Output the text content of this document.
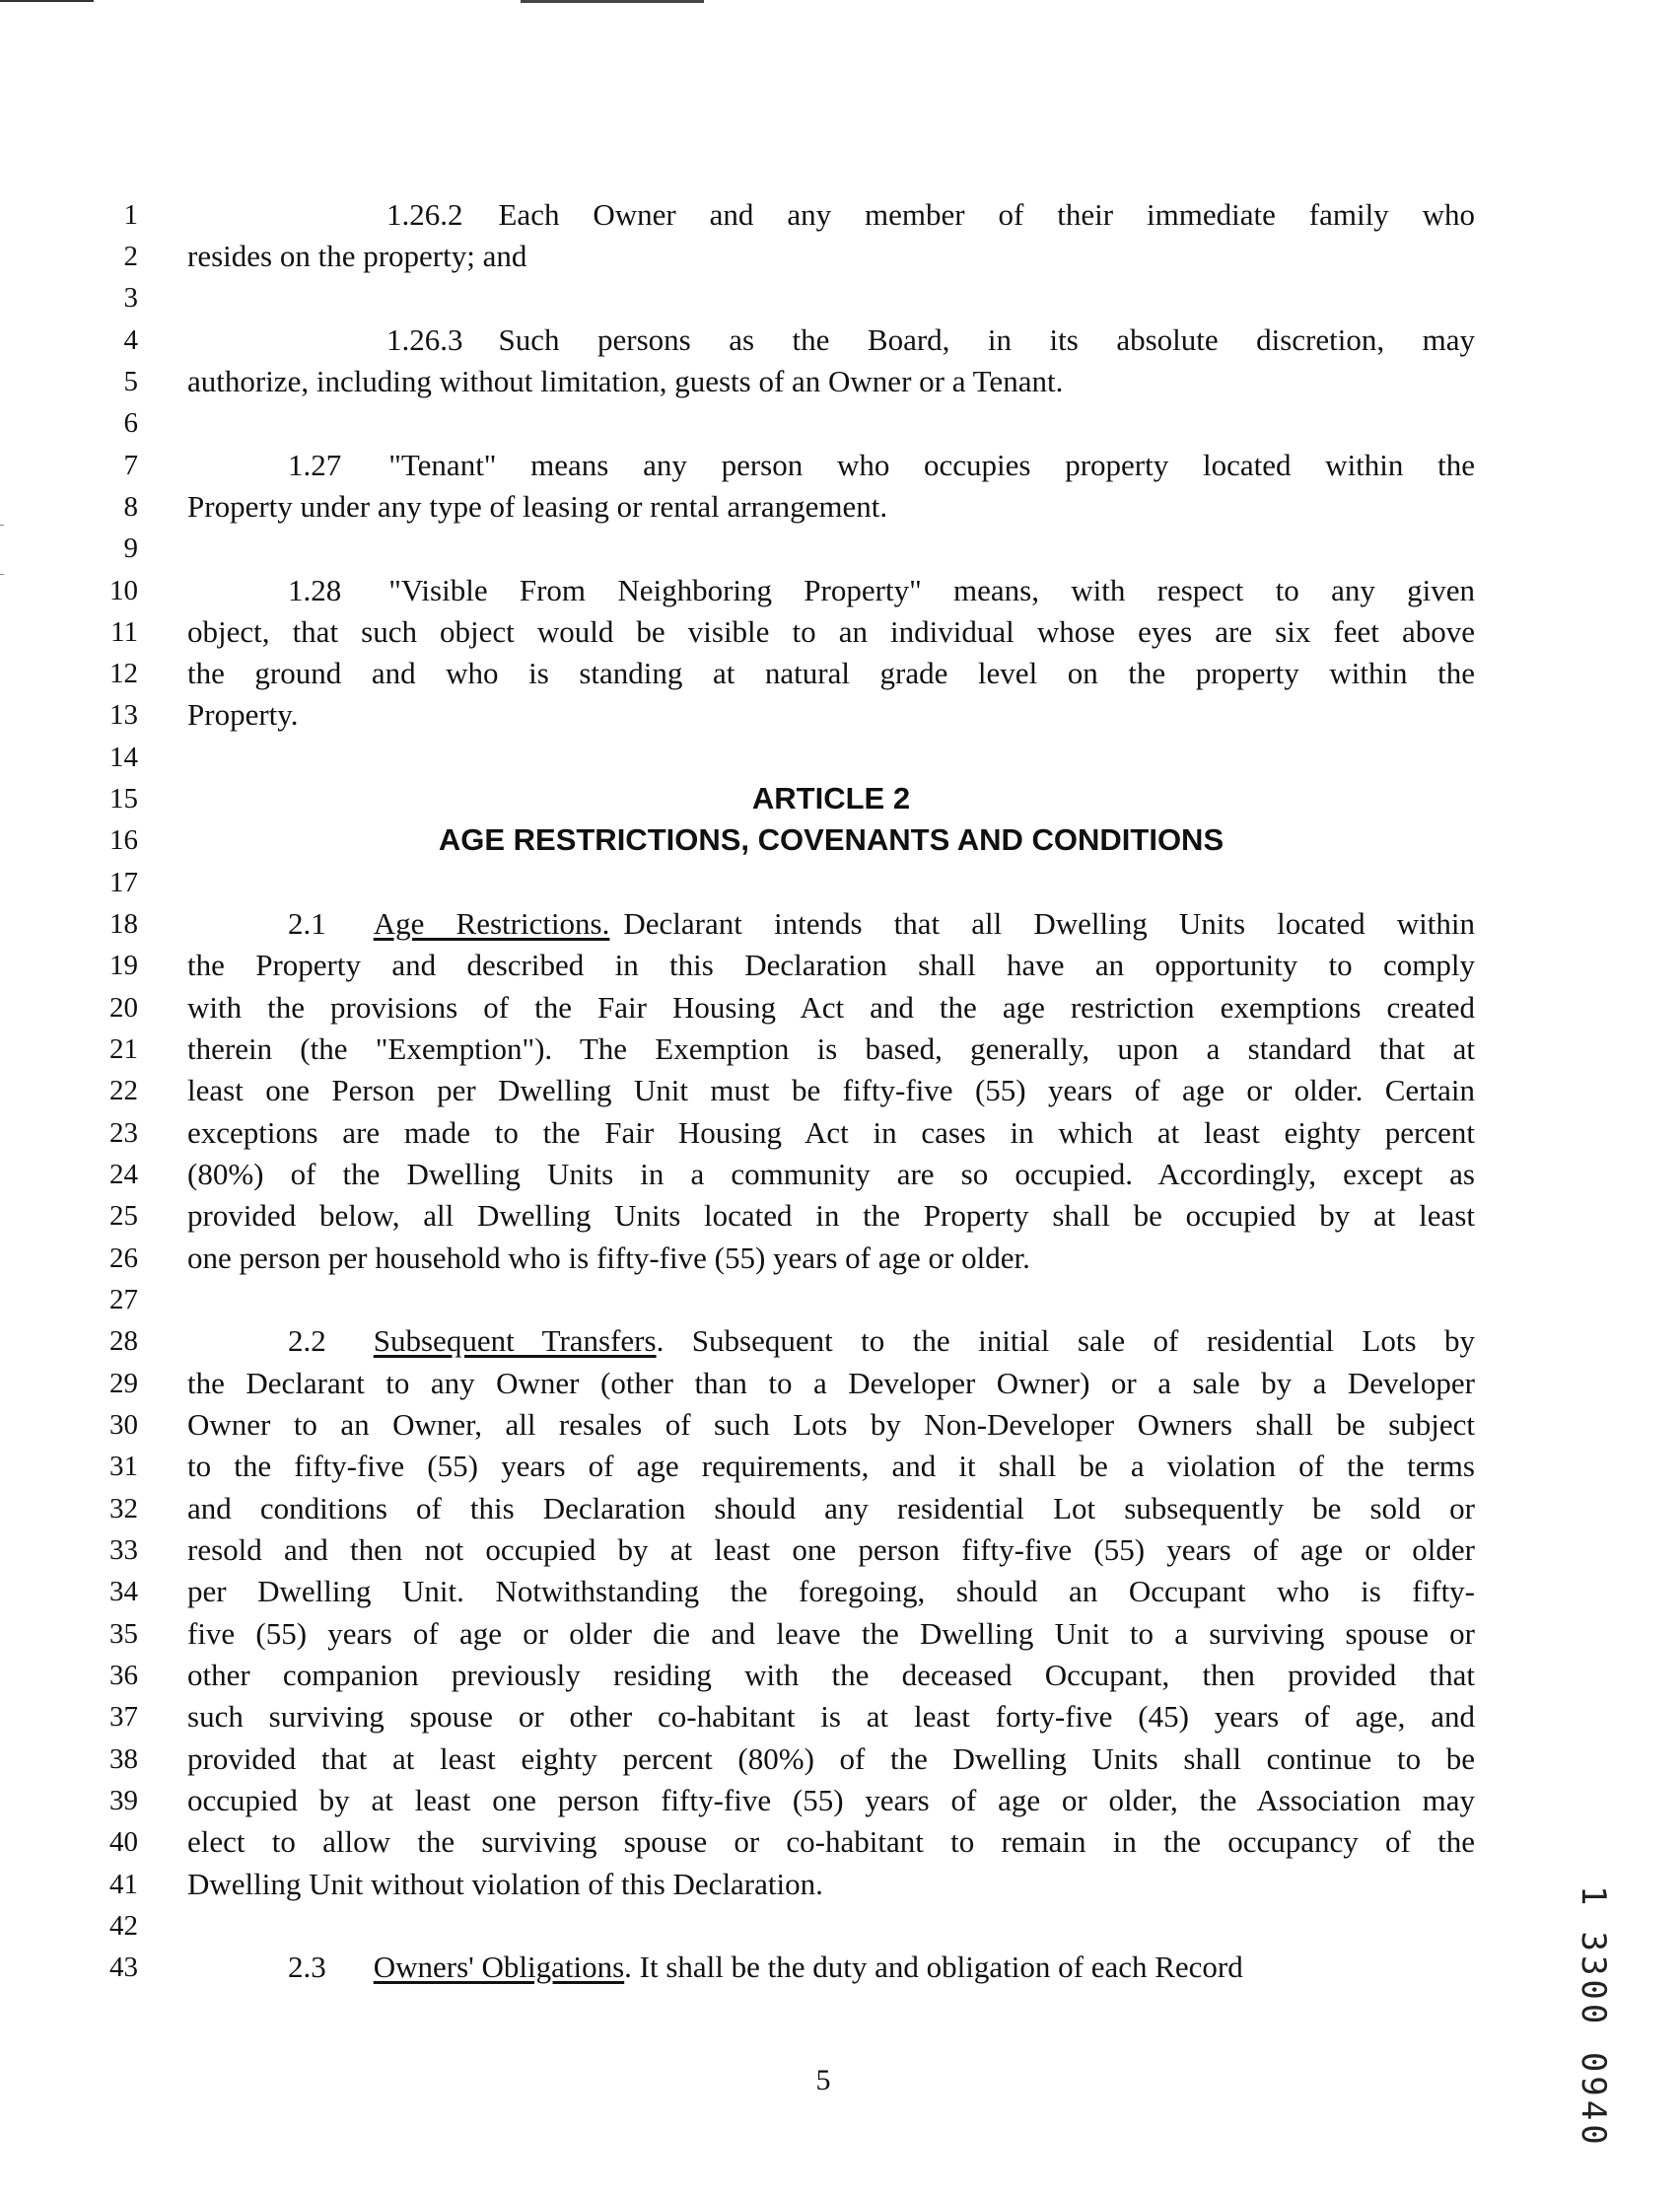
1
2
3
4
5
6
7
8
9
10
11
12
13
14
15
16
17
18
19
20
21
22
23
24
25
26
27
28
29
30
31
32
33
34
35
36
37
38
39
40
41
42
43
1.26.2 Each Owner and any member of their immediate family who
resides on the property; and
1.26.3 Such persons as the Board, in its absolute discretion, may
authorize, including without limitation, guests of an Owner or a Tenant.
1.27 "Tenant" means any person who occupies property located within the
Property under any type of leasing or rental arrangement.
1.28 "Visible From Neighboring Property" means, with respect to any given
object, that such object would be visible to an individual whose eyes are six feet above
the ground and who is standing at natural grade level on the property within the
Property.
ARTICLE 2
AGE RESTRICTIONS, COVENANTS AND CONDITIONS
2.1 Age Restrictions. Declarant intends that all Dwelling Units located within
the Property and described in this Declaration shall have an opportunity to comply
with the provisions of the Fair Housing Act and the age restriction exemptions created
therein (the "Exemption"). The Exemption is based, generally, upon a standard that at
least one Person per Dwelling Unit must be fifty-five (55) years of age or older. Certain
exceptions are made to the Fair Housing Act in cases in which at least eighty percent
(80%) of the Dwelling Units in a community are so occupied. Accordingly, except as
provided below, all Dwelling Units located in the Property shall be occupied by at least
one person per household who is fifty-five (55) years of age or older.
2.2 Subsequent Transfers. Subsequent to the initial sale of residential Lots by
the Declarant to any Owner (other than to a Developer Owner) or a sale by a Developer
Owner to an Owner, all resales of such Lots by Non-Developer Owners shall be subject
to the fifty-five (55) years of age requirements, and it shall be a violation of the terms
and conditions of this Declaration should any residential Lot subsequently be sold or
resold and then not occupied by at least one person fifty-five (55) years of age or older
per Dwelling Unit. Notwithstanding the foregoing, should an Occupant who is fifty-
five (55) years of age or older die and leave the Dwelling Unit to a surviving spouse or
other companion previously residing with the deceased Occupant, then provided that
such surviving spouse or other co-habitant is at least forty-five (45) years of age, and
provided that at least eighty percent (80%) of the Dwelling Units shall continue to be
occupied by at least one person fifty-five (55) years of age or older, the Association may
elect to allow the surviving spouse or co-habitant to remain in the occupancy of the
Dwelling Unit without violation of this Declaration.
2.3 Owners' Obligations. It shall be the duty and obligation of each Record
5
13300 0940
